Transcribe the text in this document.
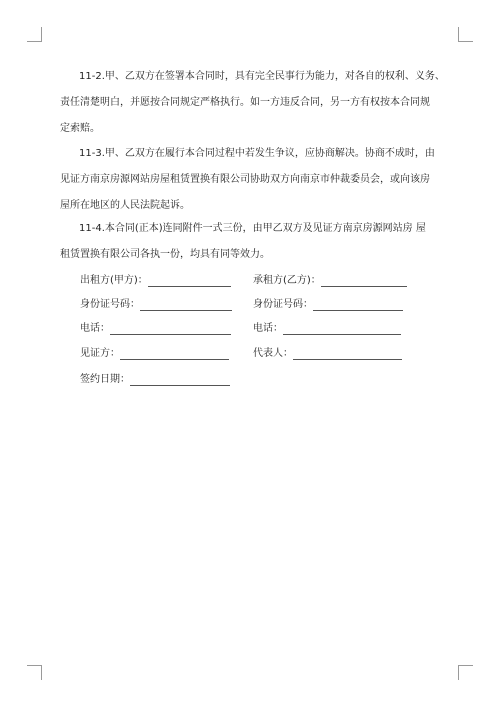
11-2.甲、乙双方在签署本合同时，具有完全民事行为能力，对各自的权利、义务、
责任清楚明白，并愿按合同规定严格执行。如一方违反合同，另一方有权按本合同规
定索赔。
11-3.甲、乙双方在履行本合同过程中若发生争议，应协商解决。协商不成时，由
见证方南京房源网站房屋租赁置换有限公司协助双方向南京市仲裁委员会，或向该房
屋所在地区的人民法院起诉。
11-4.本合同(正本)连同附件一式三份，由甲乙双方及见证方南京房源网站房 屋
租赁置换有限公司各执一份，均具有同等效力。
出租方(甲方)：	承租方(乙方)：
身份证号码：	身份证号码：
电话：	电话：
见证方：	代表人：
签约日期：
